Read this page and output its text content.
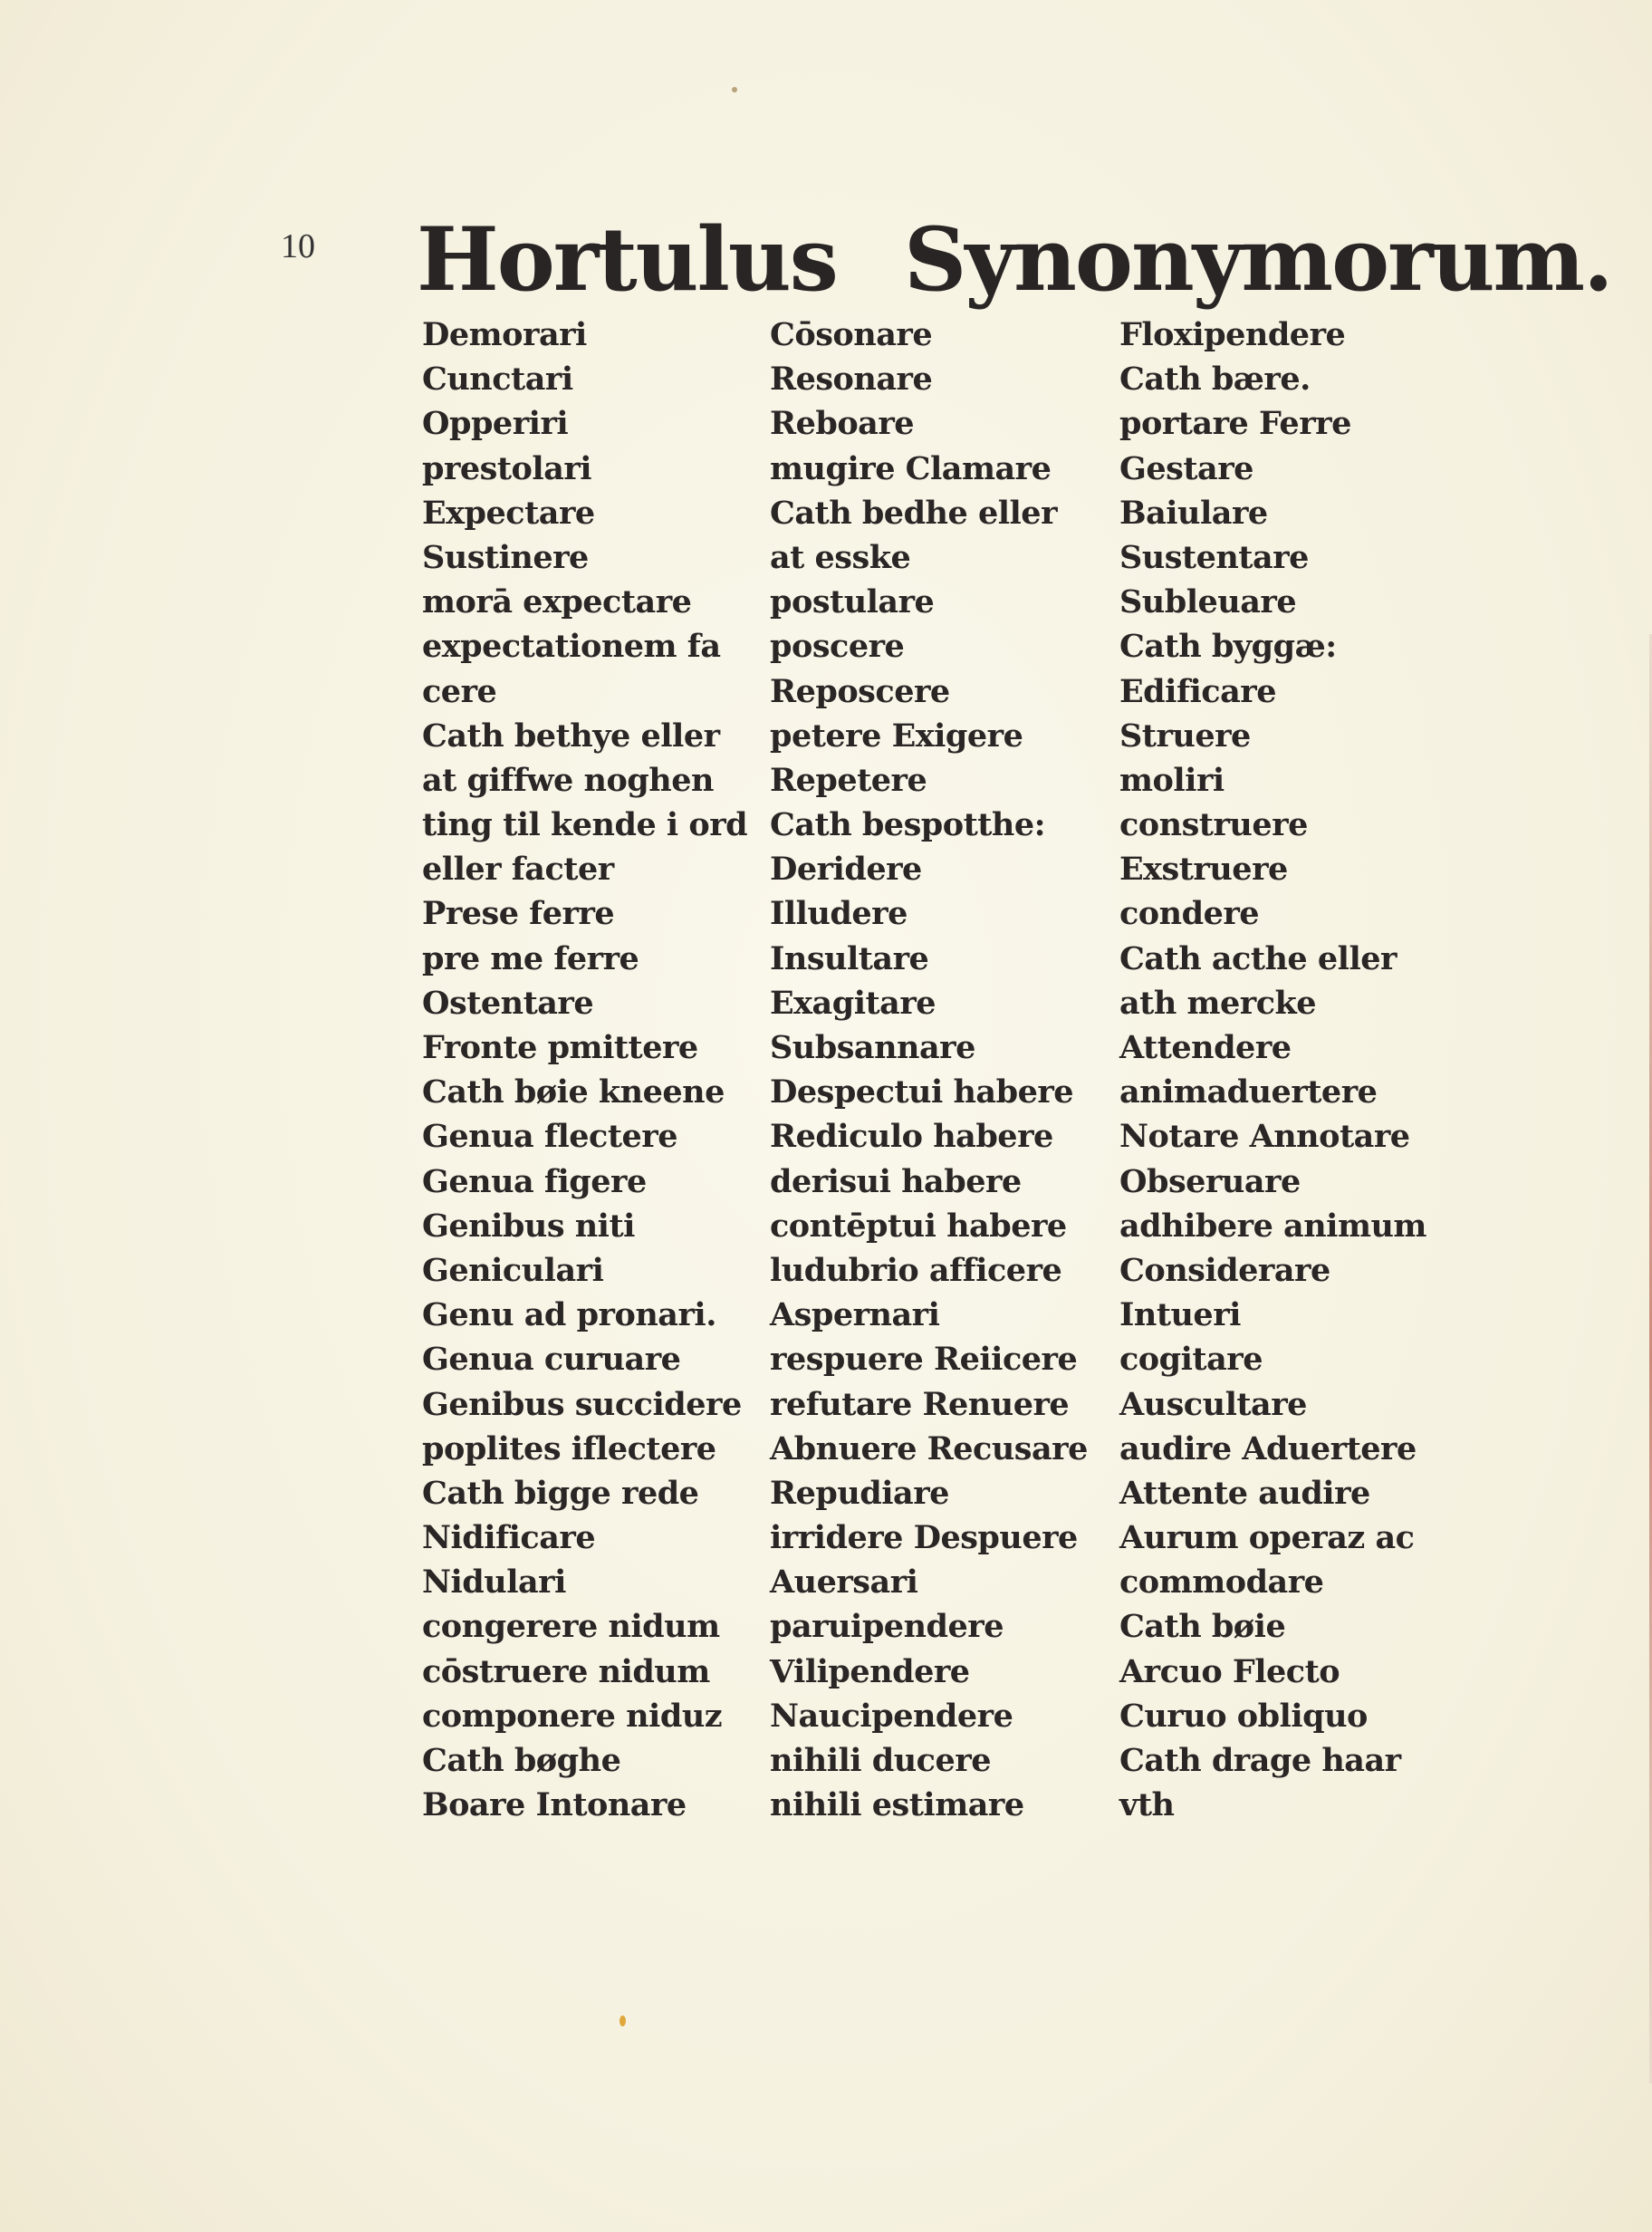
10 Hortulus Synonymorum.
Demorari
Cunctari
Opperiri
prestolari
Expectare
Sustinere
morā expectare
expectationem fa
cere
Cath bethye eller
at giffwe noghen
ting til kende i ord
eller facter
Prese ferre
pre me ferre
Ostentare
Fronte pmittere
Cath bøie kneene
Genua flectere
Genua figere
Genibus niti
Geniculari
Genu ad pronari.
Genua curuare
Genibus succidere
poplites iflectere
Cath bigge rede
Nidificare
Nidulari
congerere nidum
cōstruere nidum
componere niduz
Cath bøghe
Boare Intonare
Cōsonare
Resonare
Reboare
mugire Clamare
Cath bedhe eller
at esske
postulare
poscere
Reposcere
petere Exigere
Repetere
Cath bespotthe:
Deridere
Illudere
Insultare
Exagitare
Subsannare
Despectui habere
Rediculo habere
derisui habere
contēptui habere
ludubrio afficere
Aspernari
respuere Reiicere
refutare Renuere
Abnuere Recusare
Repudiare
irridere Despuere
Auersari
paruipendere
Vilipendere
Naucipendere
nihili ducere
nihili estimare
Floxipendere
Cath bære.
portare Ferre
Gestare
Baiulare
Sustentare
Subleuare
Cath byggæ:
Edificare
Struere
moliri
construere
Exstruere
condere
Cath acthe eller
ath mercke
Attendere
animaduertere
Notare Annotare
Obseruare
adhibere animum
Considerare
Intueri
cogitare
Auscultare
audire Aduertere
Attente audire
Aurum operaz ac
commodare
Cath bøie
Arcuo Flecto
Curuo obliquo
Cath drage haar
vth
